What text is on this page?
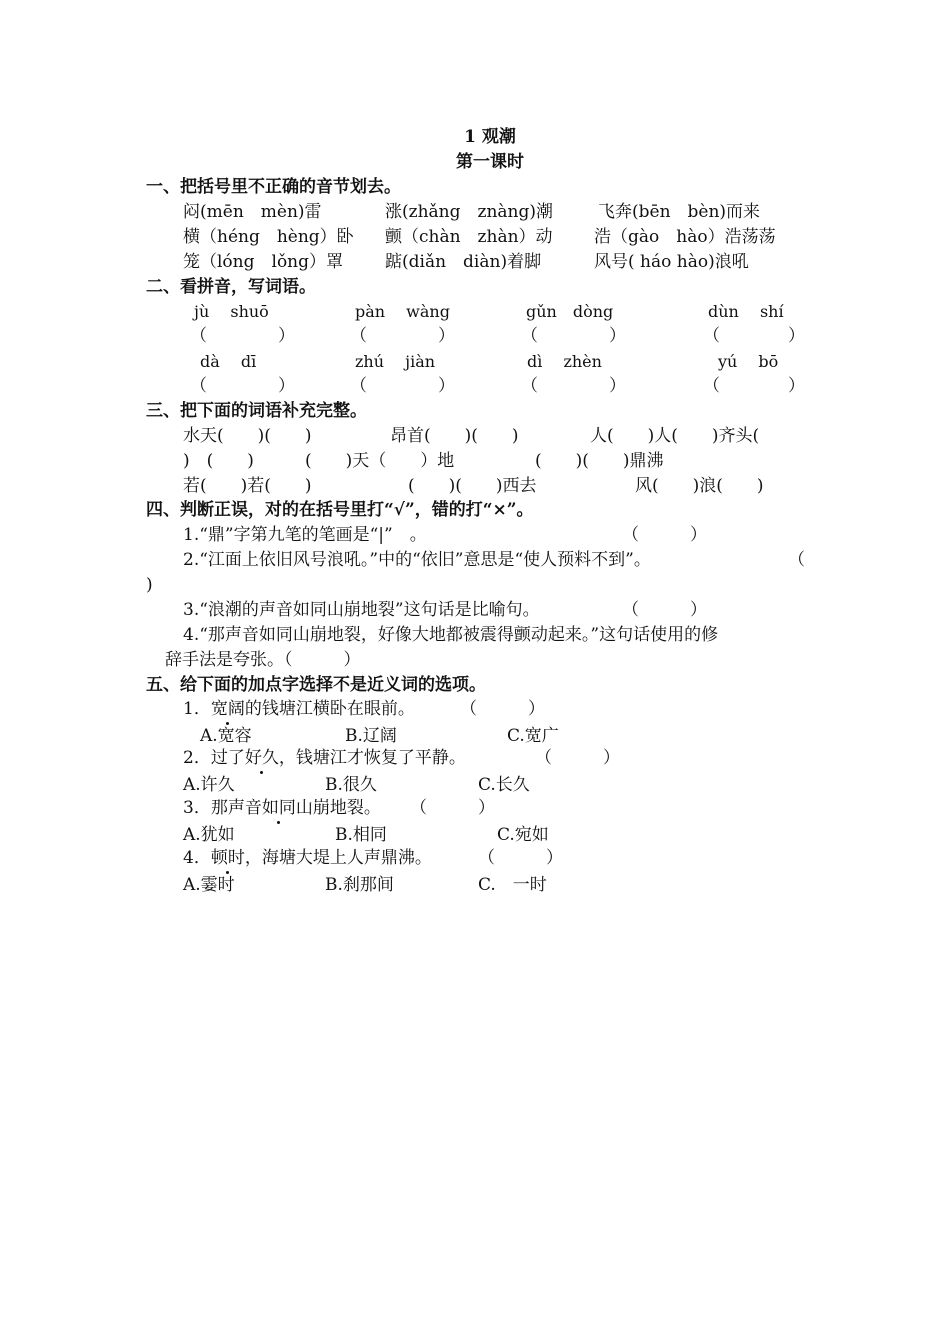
1 观潮
第一课时
一、把括号里不正确的音节划去。
闷(mēn　mèn)雷	涨(zhǎng　znàng)潮	飞奔(bēn　bèn)而来
横（héng　hèng）卧 颤（chàn　zhàn）动 浩（gào　hào）浩荡荡
笼（lóng　lǒng）罩 踮(diǎn　diàn)着脚	风号( háo hào)浪吼
二、看拼音，写词语。
jù　 shuō	pàn　 wàng	gǔn　dòng	dùn　 shí
（	）	（	）	（	）	（	）
dà　 dī	zhú　 jiàn	dì　 zhèn	yú　 bō
（	）	（	）	（	）	（	）
三、把下面的词语补充完整。
水天(　　)(　　)	昂首(　　)(　　)	人(　　)人(　　)齐头(
)　(　　)	(　　)天（　　）地	(　　)(　　)鼎沸
若(　　)若(　　)	(　　)(　　)西去	风(　　)浪(　　)
四、判断正误，对的在括号里打“√”，错的打“×”。
1.“鼎”字第九笔的笔画是“|”　。	（　　　）
2.“江面上依旧风号浪吼。”中的“依旧”意思是“使人预料不到”。	（
)
3.“浪潮的声音如同山崩地裂”这句话是比喻句。	（　　　）
4.“那声音如同山崩地裂，好像大地都被震得颤动起来。”这句话使用的修
辞手法是夸张。（　　　）
五、给下面的加点字选择不是近义词的选项。
1．宽阔的钱塘江横卧在眼前。	（　　　）
A.宽容	B.辽阔	C.宽广
2．过了好久，钱塘江才恢复了平静。	（　　　）
A.许久	B.很久	C.长久
3．那声音如同山崩地裂。 （　　　）
A.犹如	B.相同	C.宛如
4．顿时，海塘大堤上人声鼎沸。	（　　　）
A.霎时	B.刹那间	C.　一时
